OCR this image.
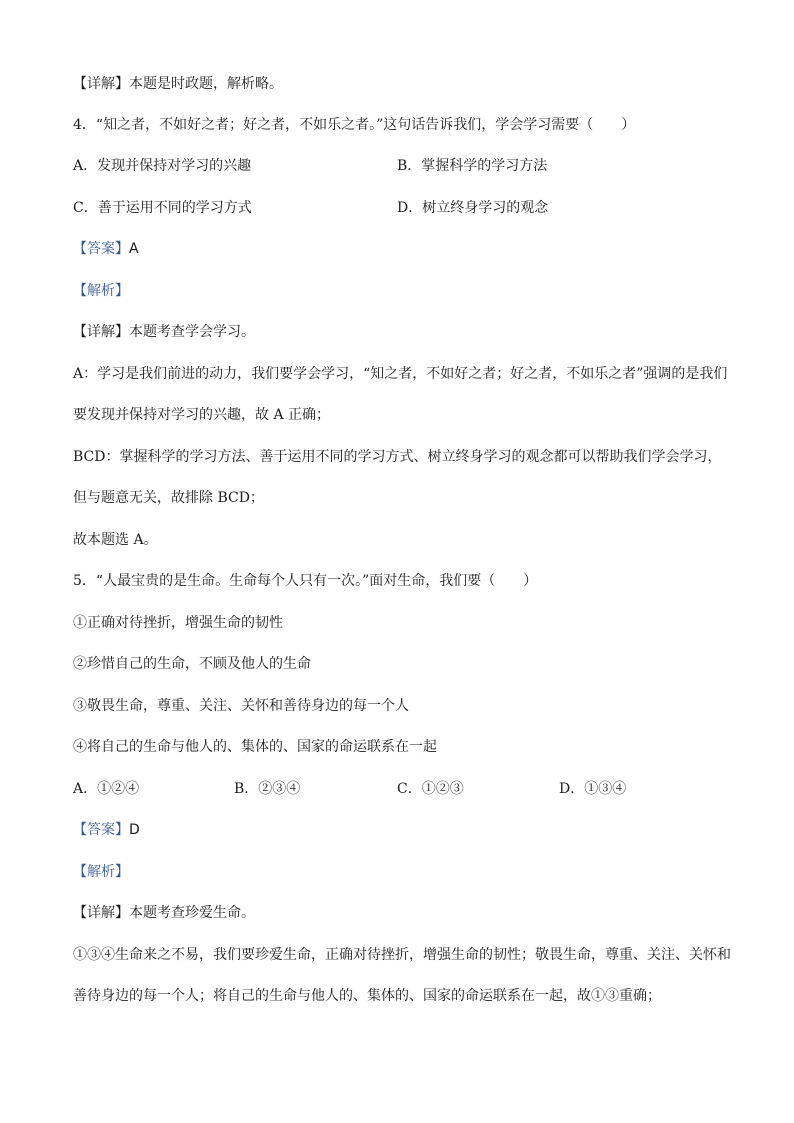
【详解】本题是时政题，解析略。
4．“知之者，不如好之者；好之者，不如乐之者。”这句话告诉我们，学会学习需要（　　）
A．发现并保持对学习的兴趣	B．掌握科学的学习方法
C．善于运用不同的学习方式	D．树立终身学习的观念
【答案】A
【解析】
【详解】本题考查学会学习。
A：学习是我们前进的动力，我们要学会学习，“知之者，不如好之者；好之者，不如乐之者”强调的是我们
要发现并保持对学习的兴趣，故 A 正确；
BCD：掌握科学的学习方法、善于运用不同的学习方式、树立终身学习的观念都可以帮助我们学会学习，
但与题意无关，故排除 BCD；
故本题选 A。
5．“人最宝贵的是生命。生命每个人只有一次。”面对生命，我们要（　　）
①正确对待挫折，增强生命的韧性
②珍惜自己的生命，不顾及他人的生命
③敬畏生命，尊重、关注、关怀和善待身边的每一个人
④将自己的生命与他人的、集体的、国家的命运联系在一起
A．①②④	B．②③④	C．①②③	D．①③④
【答案】D
【解析】
【详解】本题考查珍爱生命。
①③④生命来之不易，我们要珍爱生命，正确对待挫折，增强生命的韧性；敬畏生命，尊重、关注、关怀和
善待身边的每一个人；将自己的生命与他人的、集体的、国家的命运联系在一起，故①③重确；
